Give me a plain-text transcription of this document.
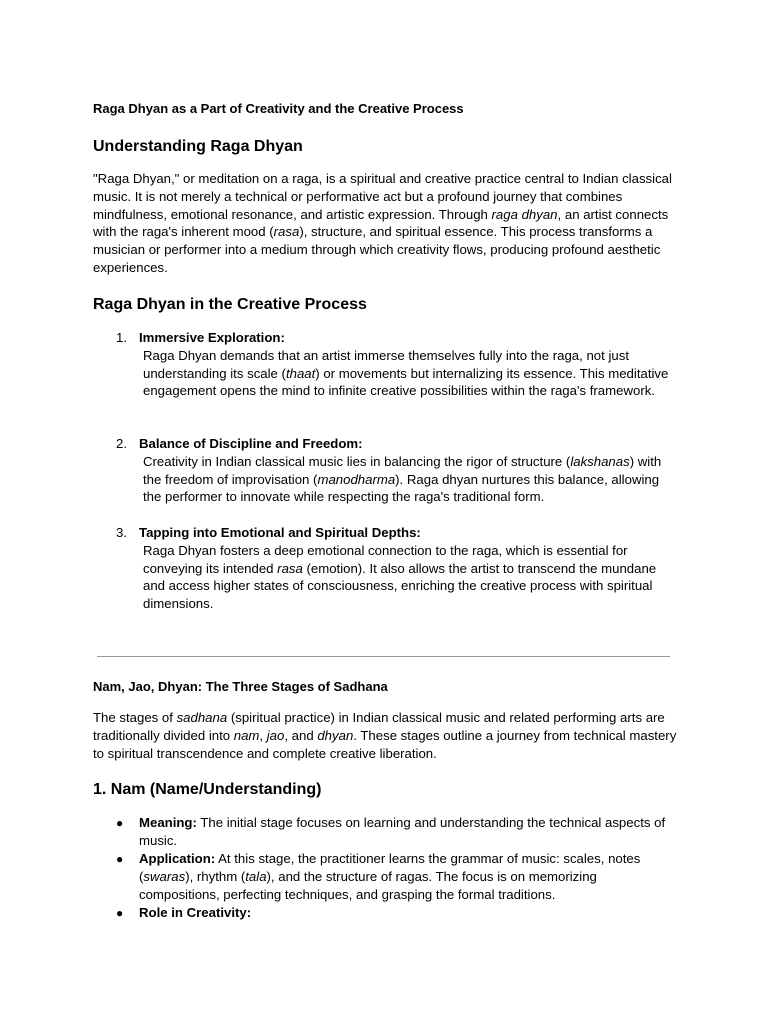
Raga Dhyan as a Part of Creativity and the Creative Process
Understanding Raga Dhyan
"Raga Dhyan," or meditation on a raga, is a spiritual and creative practice central to Indian classical music. It is not merely a technical or performative act but a profound journey that combines mindfulness, emotional resonance, and artistic expression. Through raga dhyan, an artist connects with the raga's inherent mood (rasa), structure, and spiritual essence. This process transforms a musician or performer into a medium through which creativity flows, producing profound aesthetic experiences.
Raga Dhyan in the Creative Process
1. Immersive Exploration:
Raga Dhyan demands that an artist immerse themselves fully into the raga, not just understanding its scale (thaat) or movements but internalizing its essence. This meditative engagement opens the mind to infinite creative possibilities within the raga's framework.
2. Balance of Discipline and Freedom:
Creativity in Indian classical music lies in balancing the rigor of structure (lakshanas) with the freedom of improvisation (manodharma). Raga dhyan nurtures this balance, allowing the performer to innovate while respecting the raga's traditional form.
3. Tapping into Emotional and Spiritual Depths:
Raga Dhyan fosters a deep emotional connection to the raga, which is essential for conveying its intended rasa (emotion). It also allows the artist to transcend the mundane and access higher states of consciousness, enriching the creative process with spiritual dimensions.
Nam, Jao, Dhyan: The Three Stages of Sadhana
The stages of sadhana (spiritual practice) in Indian classical music and related performing arts are traditionally divided into nam, jao, and dhyan. These stages outline a journey from technical mastery to spiritual transcendence and complete creative liberation.
1. Nam (Name/Understanding)
● Meaning: The initial stage focuses on learning and understanding the technical aspects of music.
● Application: At this stage, the practitioner learns the grammar of music: scales, notes (swaras), rhythm (tala), and the structure of ragas. The focus is on memorizing compositions, perfecting techniques, and grasping the formal traditions.
● Role in Creativity:
